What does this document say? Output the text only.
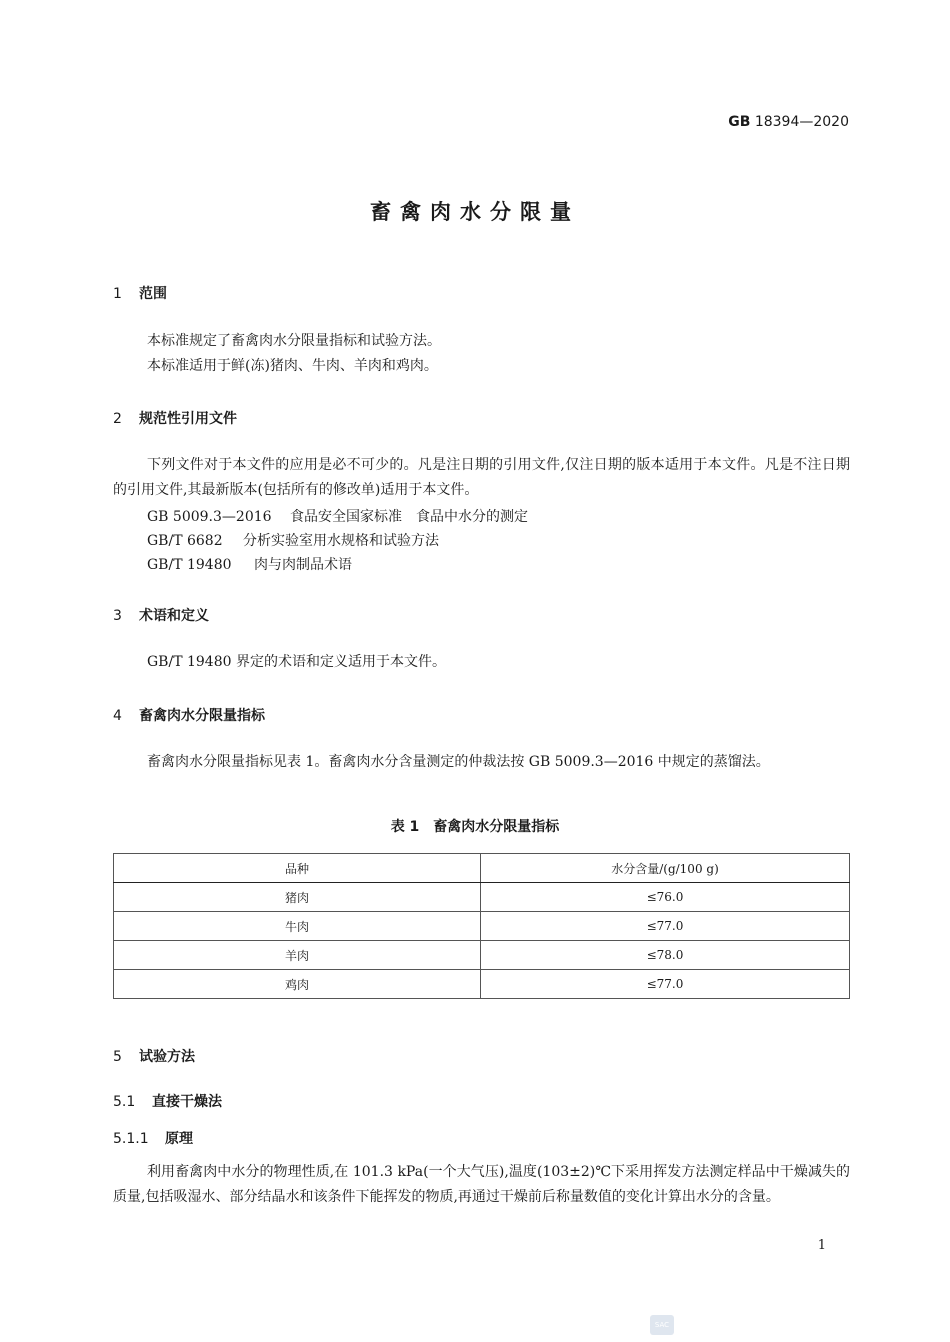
GB 18394—2020
畜禽肉水分限量
1 范围
本标准规定了畜禽肉水分限量指标和试验方法。
本标准适用于鲜(冻)猪肉、牛肉、羊肉和鸡肉。
2 规范性引用文件
下列文件对于本文件的应用是必不可少的。凡是注日期的引用文件,仅注日期的版本适用于本文件。凡是不注日期的引用文件,其最新版本(包括所有的修改单)适用于本文件。
GB 5009.3—2016 食品安全国家标准　食品中水分的测定
GB/T 6682 分析实验室用水规格和试验方法
GB/T 19480 肉与肉制品术语
3 术语和定义
GB/T 19480 界定的术语和定义适用于本文件。
4 畜禽肉水分限量指标
畜禽肉水分限量指标见表 1。畜禽肉水分含量测定的仲裁法按 GB 5009.3—2016 中规定的蒸馏法。
表 1　畜禽肉水分限量指标
品种	水分含量/(g/100 g)
猪肉	≤76.0
牛肉	≤77.0
羊肉	≤78.0
鸡肉	≤77.0
5 试验方法
5.1 直接干燥法
5.1.1 原理
利用畜禽肉中水分的物理性质,在 101.3 kPa(一个大气压),温度(103±2)℃下采用挥发方法测定样品中干燥减失的质量,包括吸湿水、部分结晶水和该条件下能挥发的物质,再通过干燥前后称量数值的变化计算出水分的含量。
1
SAC
